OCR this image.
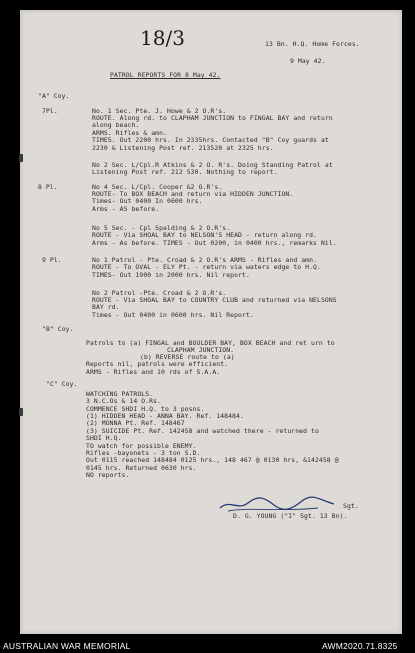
18/3	13 Bn. H.Q. Home Forces.
9 May 42.
PATROL REPORTS FOR 8 May 42.
"A" Coy.
7Pl.	No. 1 Sec. Pte. J. Howe & 2 O.R's.
ROUTE. Along rd. to CLAPHAM JUNCTION to FINGAL BAY and return
along beach.
ARMS. Rifles & amn.
TIMES. Out 2200 hrs. In 2335hrs. Contacted "B" Coy guards at
2230 & Listening Post ref. 213520 at 2325 hrs.
No 2 Sec. L/Cpl.R Atkins & 2 O. R's. Doing Standing Patrol at
Listening Post ref. 212 530. Nothing to report.
8 Pl.	No 4 Sec. L/Cpl. Cooper &2 O.R's.
ROUTE- To BOX BEACH and return via HIDDEN JUNCTION.
Times- Out 0400 In 0600 hrs.
Arms - AS before.
No 5 Sec. - Cpl Spalding & 2 O.R's.
ROUTE - Via SHOAL BAY to NELSON'S HEAD - return along rd.
Arms - As before. TIMES - Out 0200, in 0400 hrs., remarks Nil.
9 Pl.	No 1 Patrol - Pte. Croad & 2 O.R's ARMS - Rifles and amn.
ROUTE - To OVAL - ELY Pt. - return via waters edge to H.Q.
TIMES- Out 1900 in 2000 hrs. Nil report.
No 2 Patrol -Pte. Croad & 2 O.R's.
ROUTE - Via SHOAL BAY to COUNTRY CLUB and returned via NELSONS
BAY rd.
Times - Out 0400 in 0600 hrs. Nil Report.
"B" Coy.
Patrols to (a) FINGAL and BOULDER BAY, BOX BEACH and ret urn to
CLAPHAM JUNCTION.
(b) REVERSE route to (a)
Reports nil, patrols were efficient.
ARMS - Rifles and 10 rds of S.A.A.
"C" Coy.
WATCHING PATROLS.
3 N.C.Os & 14 O.Rs.
COMMENCE SHDI H.Q. to 3 posns.
(1) HIDDEN HEAD - ANNA BAY. Ref. 148484.
(2) MONNA Pt. Ref. 148467
(3) SUICIDE Pt. Ref. 142458 and watched there - returned to
SHDI H.Q.
TO watch for possible ENEMY.
Rifles -bayonets - 3 ton S.D.
Out 0115 reached 148484 0125 hrs., 148 467 @ 0130 hrs, &142458 @
0145 hrs. Returned 0630 hrs.
NO reports.
Sgt.
D. G. YOUNG ("I" Sgt. 13 Bn).
AUSTRALIAN WAR MEMORIAL	AWM2020.71.8325
